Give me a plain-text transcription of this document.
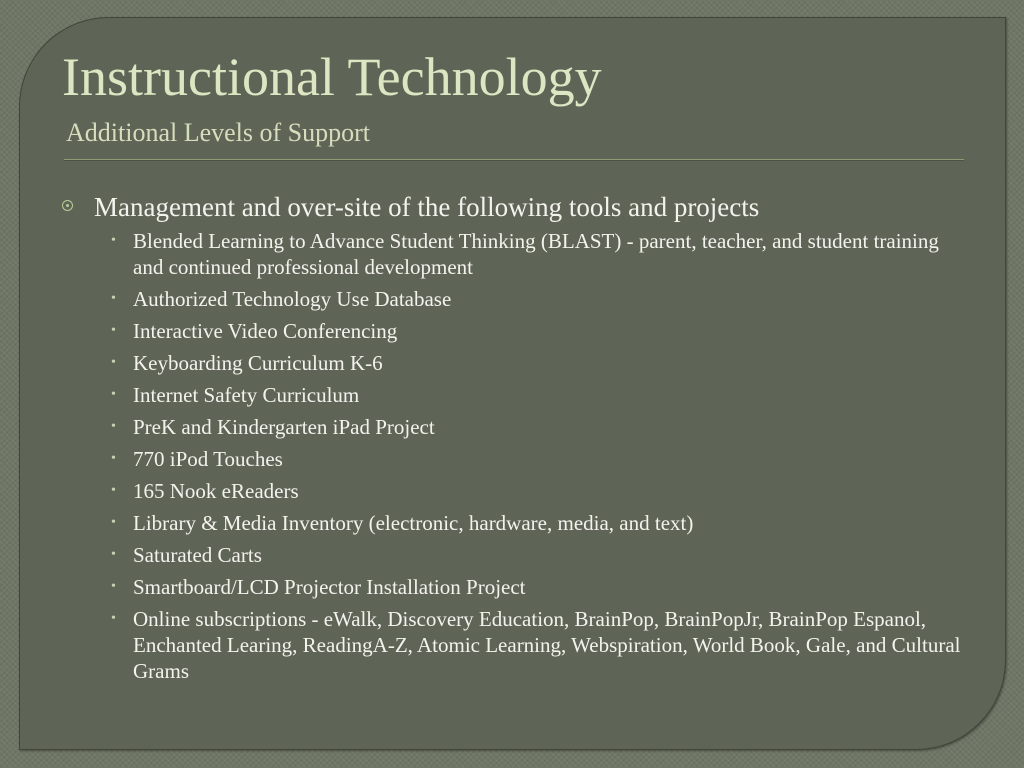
Instructional Technology
Additional Levels of Support
Management and over-site of the following tools and projects
• Blended Learning to Advance Student Thinking (BLAST) - parent, teacher, and student training and continued professional development
• Authorized Technology Use Database
• Interactive Video Conferencing
• Keyboarding Curriculum K-6
• Internet Safety Curriculum
• PreK and Kindergarten iPad Project
• 770 iPod Touches
• 165 Nook eReaders
• Library & Media Inventory (electronic, hardware, media, and text)
• Saturated Carts
• Smartboard/LCD Projector Installation Project
• Online subscriptions - eWalk, Discovery Education, BrainPop, BrainPopJr, BrainPop Espanol, Enchanted Learing, ReadingA-Z, Atomic Learning, Webspiration, World Book, Gale, and Cultural Grams
